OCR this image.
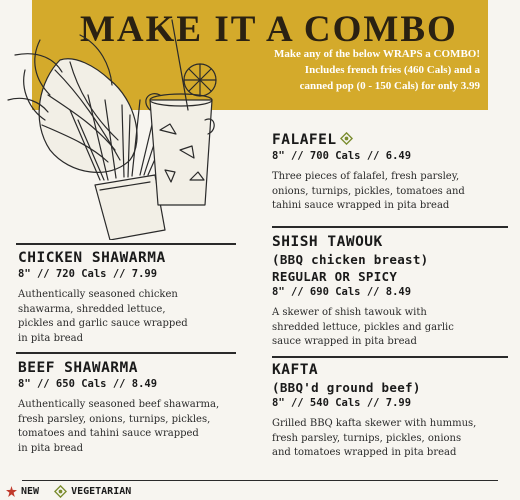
MAKE IT A COMBO
Make any of the below WRAPS a COMBO!
Includes french fries (460 Cals) and a
canned pop (0 - 150 Cals) for only 3.99
FALAFEL
8" // 700 Cals // 6.49
Three pieces of falafel, fresh parsley,
onions, turnips, pickles, tomatoes and
tahini sauce wrapped in pita bread
CHICKEN SHAWARMA
8" // 720 Cals // 7.99
Authentically seasoned chicken
shawarma, shredded lettuce,
pickles and garlic sauce wrapped
in pita bread
SHISH TAWOUK
(BBQ chicken breast)
REGULAR OR SPICY
8" // 690 Cals // 8.49
A skewer of shish tawouk with
shredded lettuce, pickles and garlic
sauce wrapped in pita bread
BEEF SHAWARMA
8" // 650 Cals // 8.49
Authentically seasoned beef shawarma,
fresh parsley, onions, turnips, pickles,
tomatoes and tahini sauce wrapped
in pita bread
KAFTA
(BBQ'd ground beef)
8" // 540 Cals // 7.99
Grilled BBQ kafta skewer with hummus,
fresh parsley, turnips, pickles, onions
and tomatoes wrapped in pita bread
NEW	VEGETARIAN
